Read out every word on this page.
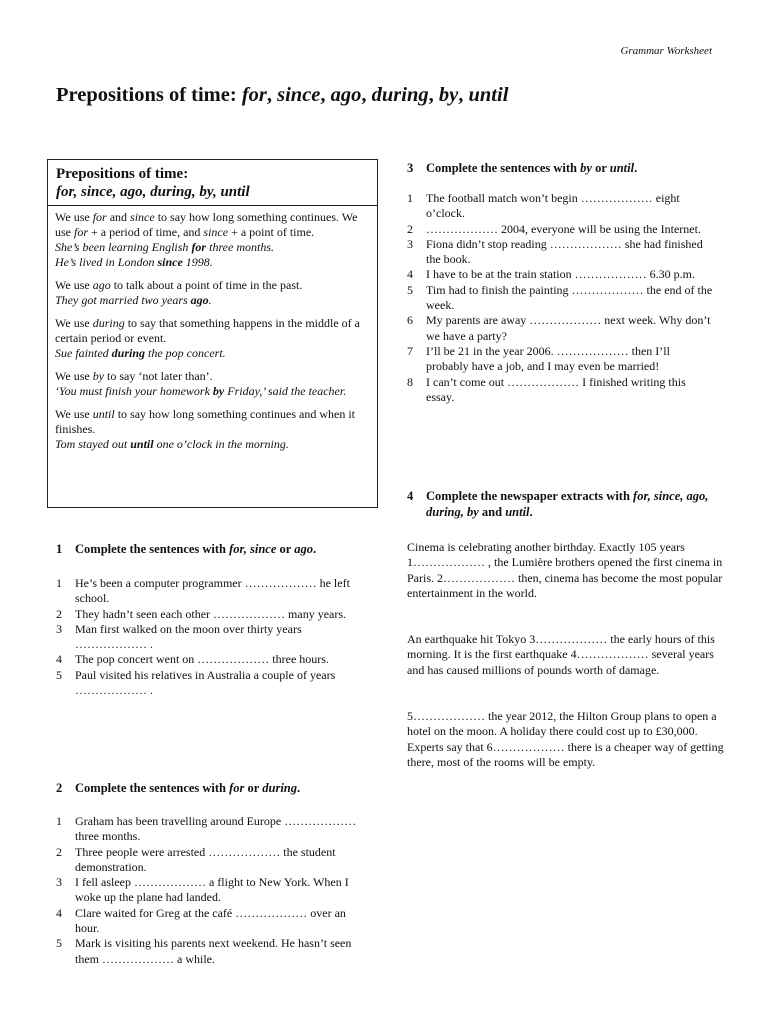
Grammar Worksheet
Prepositions of time: for, since, ago, during, by, until
Prepositions of time:
for, since, ago, during, by, until
We use for and since to say how long something continues. We use for + a period of time, and since + a point of time.
She’s been learning English for three months.
He’s lived in London since 1998.
We use ago to talk about a point of time in the past.
They got married two years ago.
We use during to say that something happens in the middle of a certain period or event.
Sue fainted during the pop concert.
We use by to say ‘not later than’.
‘You must finish your homework by Friday,’ said the teacher.
We use until to say how long something continues and when it finishes.
Tom stayed out until one o’clock in the morning.
1	Complete the sentences with for, since or ago.
1	He’s been a computer programmer ……………… he left school.
2	They hadn’t seen each other ……………… many years.
3	Man first walked on the moon over thirty years ……………… .
4	The pop concert went on ……………… three hours.
5	Paul visited his relatives in Australia a couple of years ……………… .
2	Complete the sentences with for or during.
1	Graham has been travelling around Europe ……………… three months.
2	Three people were arrested ……………… the student demonstration.
3	I fell asleep ……………… a flight to New York. When I woke up the plane had landed.
4	Clare waited for Greg at the café ……………… over an hour.
5	Mark is visiting his parents next weekend. He hasn’t seen them ……………… a while.
3	Complete the sentences with by or until.
1	The football match won’t begin ……………… eight o’clock.
2	……………… 2004, everyone will be using the Internet.
3	Fiona didn’t stop reading ……………… she had finished the book.
4	I have to be at the train station ……………… 6.30 p.m.
5	Tim had to finish the painting ……………… the end of the week.
6	My parents are away ……………… next week. Why don’t we have a party?
7	I’ll be 21 in the year 2006. ……………… then I’ll probably have a job, and I may even be married!
8	I can’t come out ……………… I finished writing this essay.
4	Complete the newspaper extracts with for, since, ago, during, by and until.

Cinema is celebrating another birthday. Exactly 105 years 1……………… , the Lumière brothers opened the first cinema in Paris. 2……………… then, cinema has become the most popular entertainment in the world.

An earthquake hit Tokyo 3……………… the early hours of this morning. It is the first earthquake 4……………… several years and has caused millions of pounds worth of damage.

5……………… the year 2012, the Hilton Group plans to open a hotel on the moon. A holiday there could cost up to £30,000. Experts say that 6……………… there is a cheaper way of getting there, most of the rooms will be empty.
